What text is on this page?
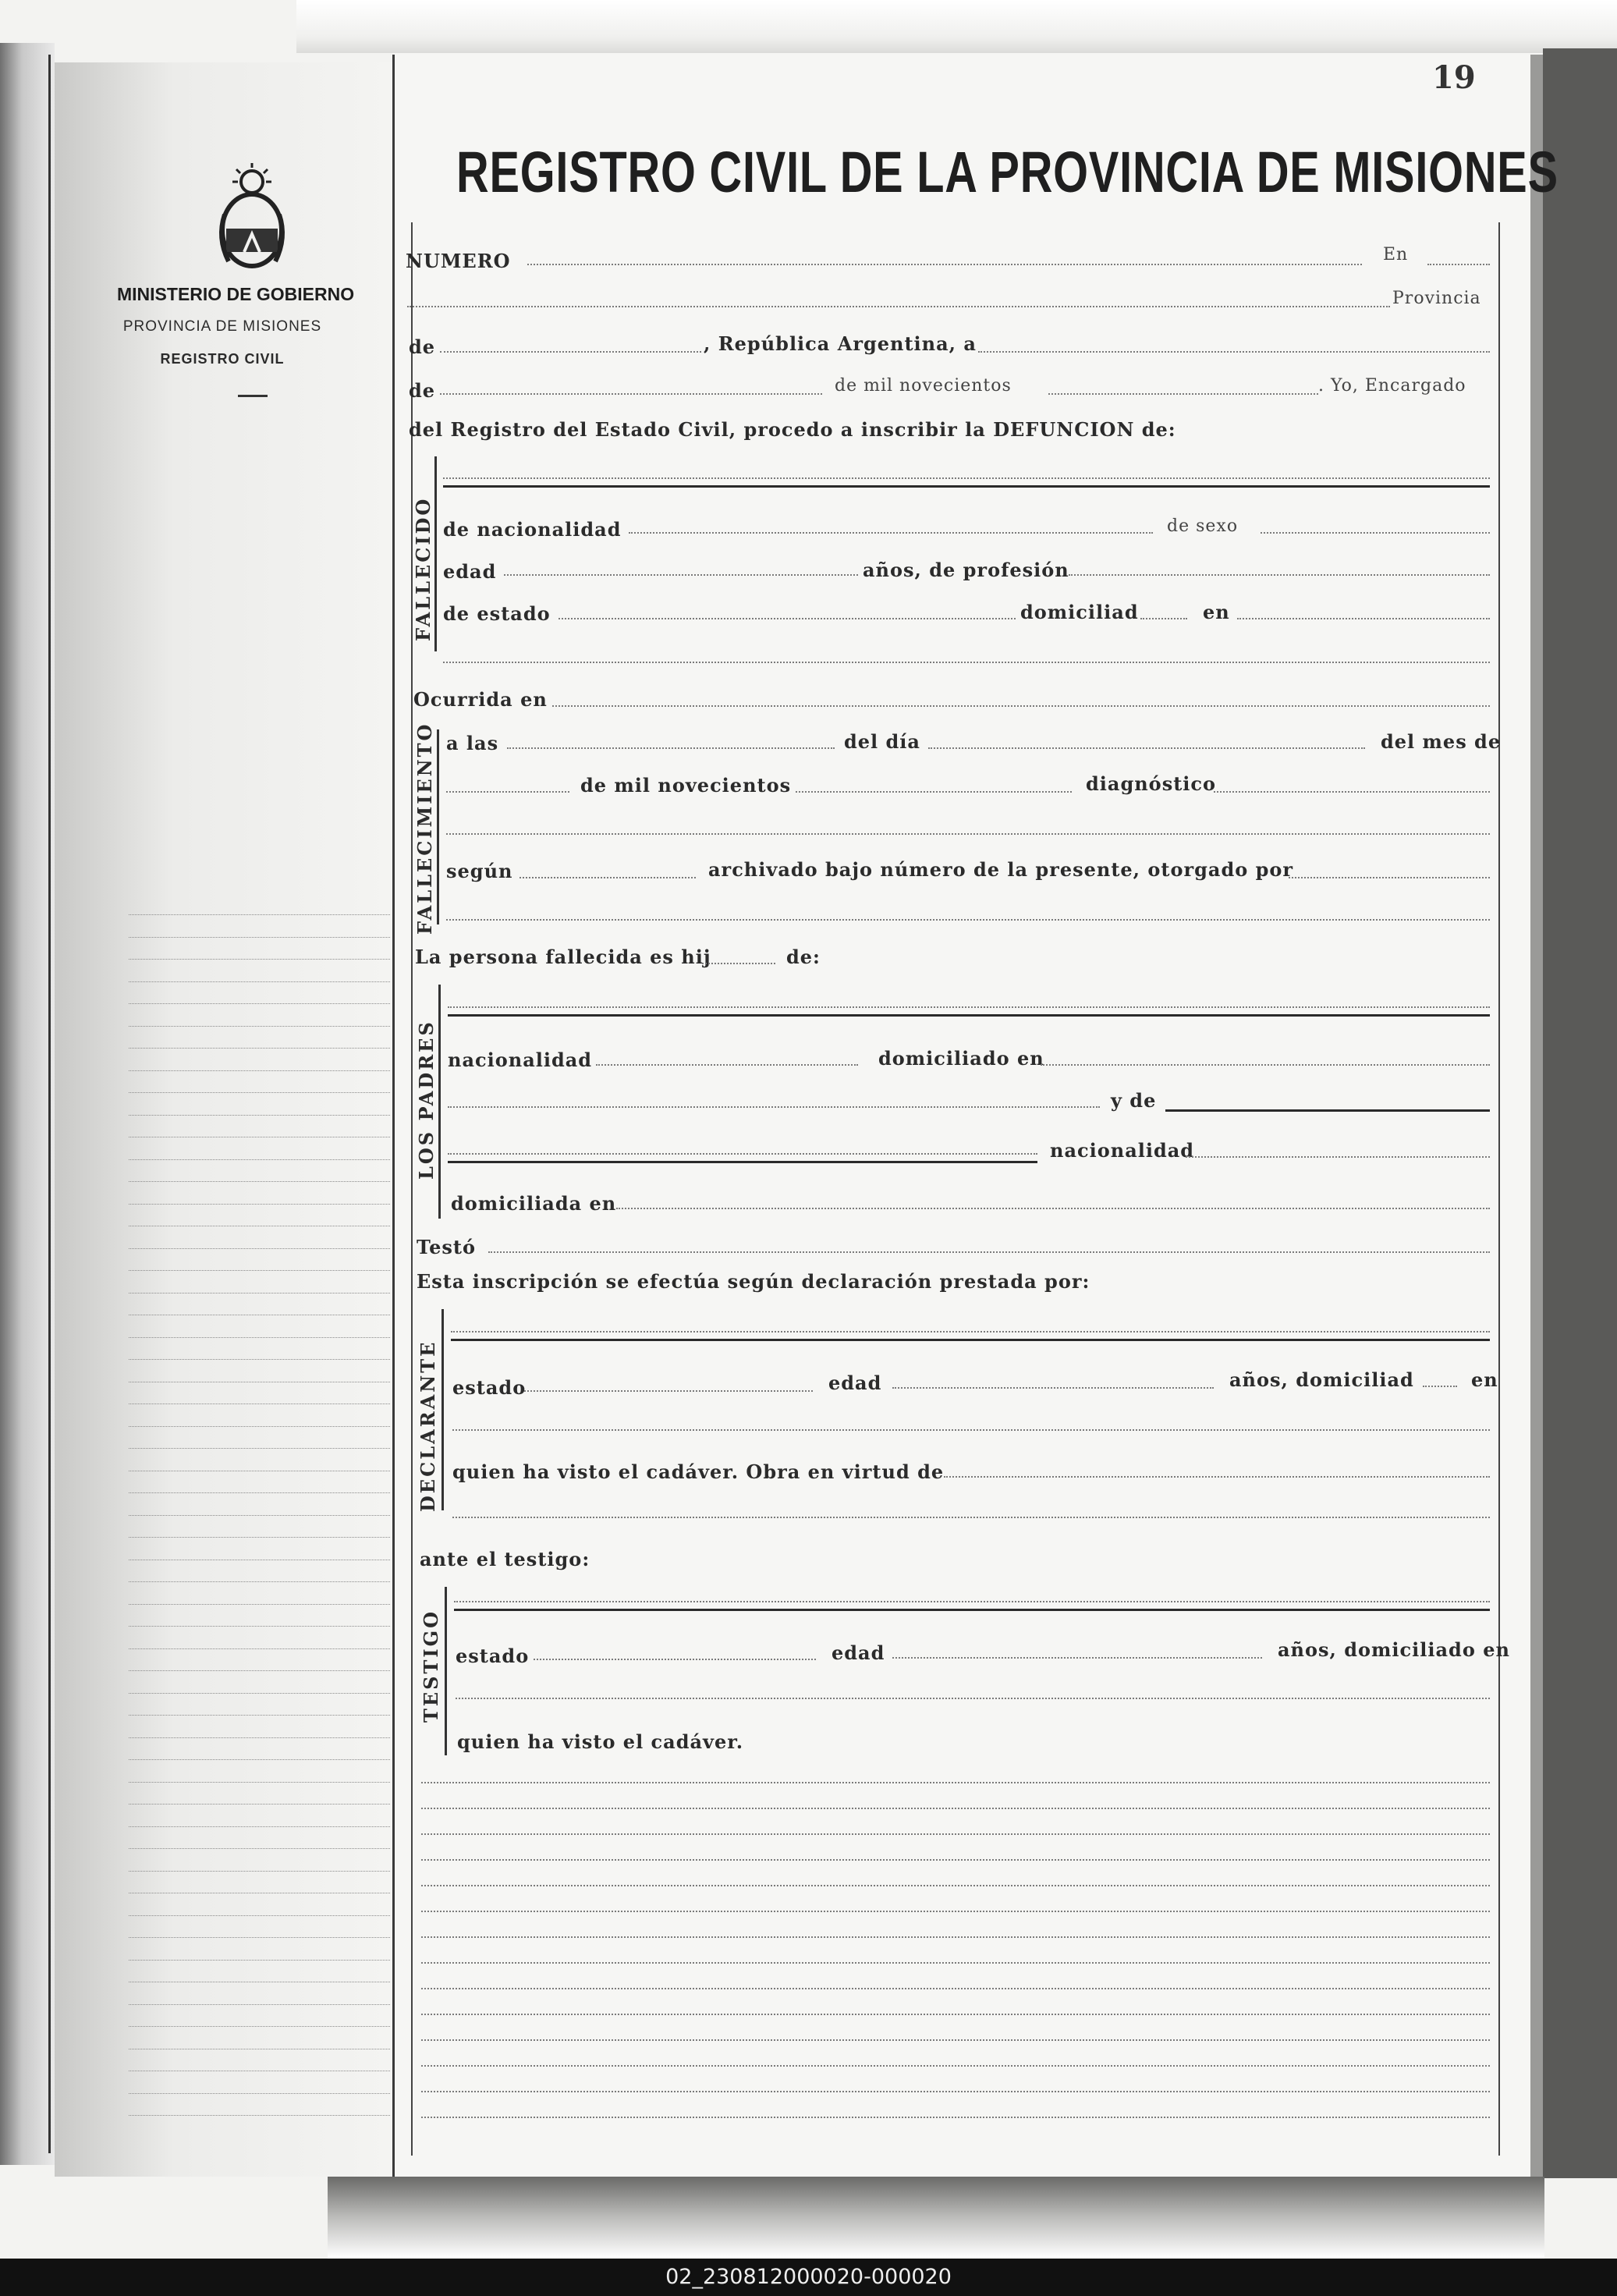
MINISTERIO DE GOBIERNO
PROVINCIA DE MISIONES
REGISTRO CIVIL
19
REGISTRO CIVIL DE LA PROVINCIA DE MISIONES
NUMERO	En
Provincia
de	, República Argentina, a
de	de mil novecientos	. Yo, Encargado
del Registro del Estado Civil, procedo a inscribir la DEFUNCION de:
FALLECIDO de nacionalidad	de sexo
edad	años, de profesión
de estado	domiciliad	en
Ocurrida en
FALLECIMIENTO a las	del día	del mes de
de mil novecientos	diagnóstico
según	archivado bajo número de la presente, otorgado por
La persona fallecida es hij	de:
LOS PADRES nacionalidad	domiciliado en
y de
nacionalidad
domiciliada en
Testó
Esta inscripción se efectúa según declaración prestada por:
DECLARANTE estado	edad	años, domiciliad	en
quien ha visto el cadáver. Obra en virtud de
ante el testigo:
TESTIGO estado	edad	años, domiciliado en
quien ha visto el cadáver.
02_230812000020-000020
